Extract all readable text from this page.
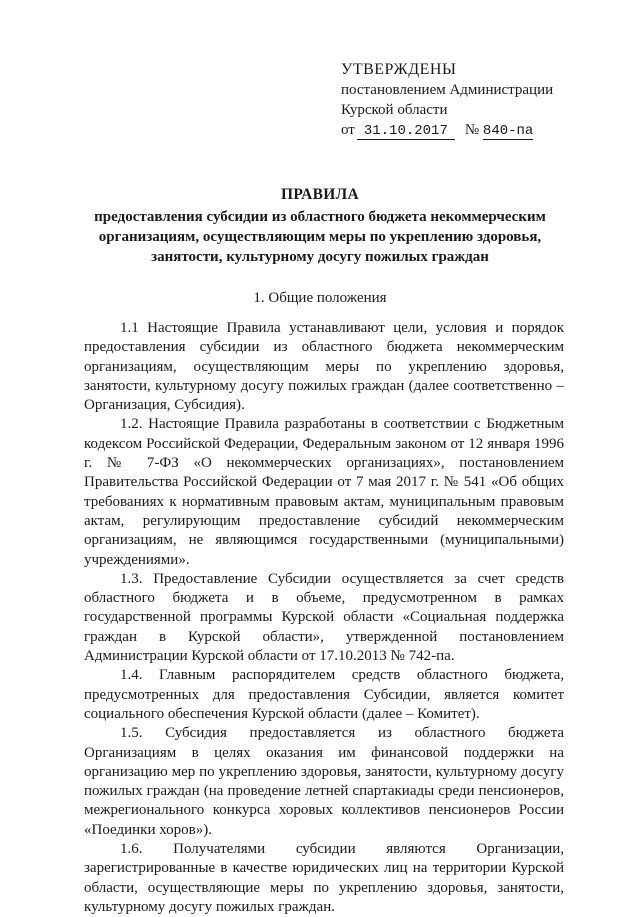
УТВЕРЖДЕНЫ
постановлением Администрации
Курской области
от 31.10.2017 № 840-па
ПРАВИЛА
предоставления субсидии из областного бюджета некоммерческим организациям, осуществляющим меры по укреплению здоровья, занятости, культурному досугу пожилых граждан
1. Общие положения

1.1 Настоящие Правила устанавливают цели, условия и порядок предоставления субсидии из областного бюджета некоммерческим организациям, осуществляющим меры по укреплению здоровья, занятости, культурному досугу пожилых граждан (далее соответственно – Организация, Субсидия).

1.2. Настоящие Правила разработаны в соответствии с Бюджетным кодексом Российской Федерации, Федеральным законом от 12 января 1996 г. № 7-ФЗ «О некоммерческих организациях», постановлением Правительства Российской Федерации от 7 мая 2017 г. № 541 «Об общих требованиях к нормативным правовым актам, муниципальным правовым актам, регулирующим предоставление субсидий некоммерческим организациям, не являющимся государственными (муниципальными) учреждениями».

1.3. Предоставление Субсидии осуществляется за счет средств областного бюджета и в объеме, предусмотренном в рамках государственной программы Курской области «Социальная поддержка граждан в Курской области», утвержденной постановлением Администрации Курской области от 17.10.2013 № 742-па.

1.4. Главным распорядителем средств областного бюджета, предусмотренных для предоставления Субсидии, является комитет социального обеспечения Курской области (далее – Комитет).

1.5. Субсидия предоставляется из областного бюджета Организациям в целях оказания им финансовой поддержки на организацию мер по укреплению здоровья, занятости, культурному досугу пожилых граждан (на проведение летней спартакиады среди пенсионеров, межрегионального конкурса хоровых коллективов пенсионеров России «Поединки хоров»).

1.6. Получателями субсидии являются Организации, зарегистрированные в качестве юридических лиц на территории Курской области, осуществляющие меры по укреплению здоровья, занятости, культурному досугу пожилых граждан.
